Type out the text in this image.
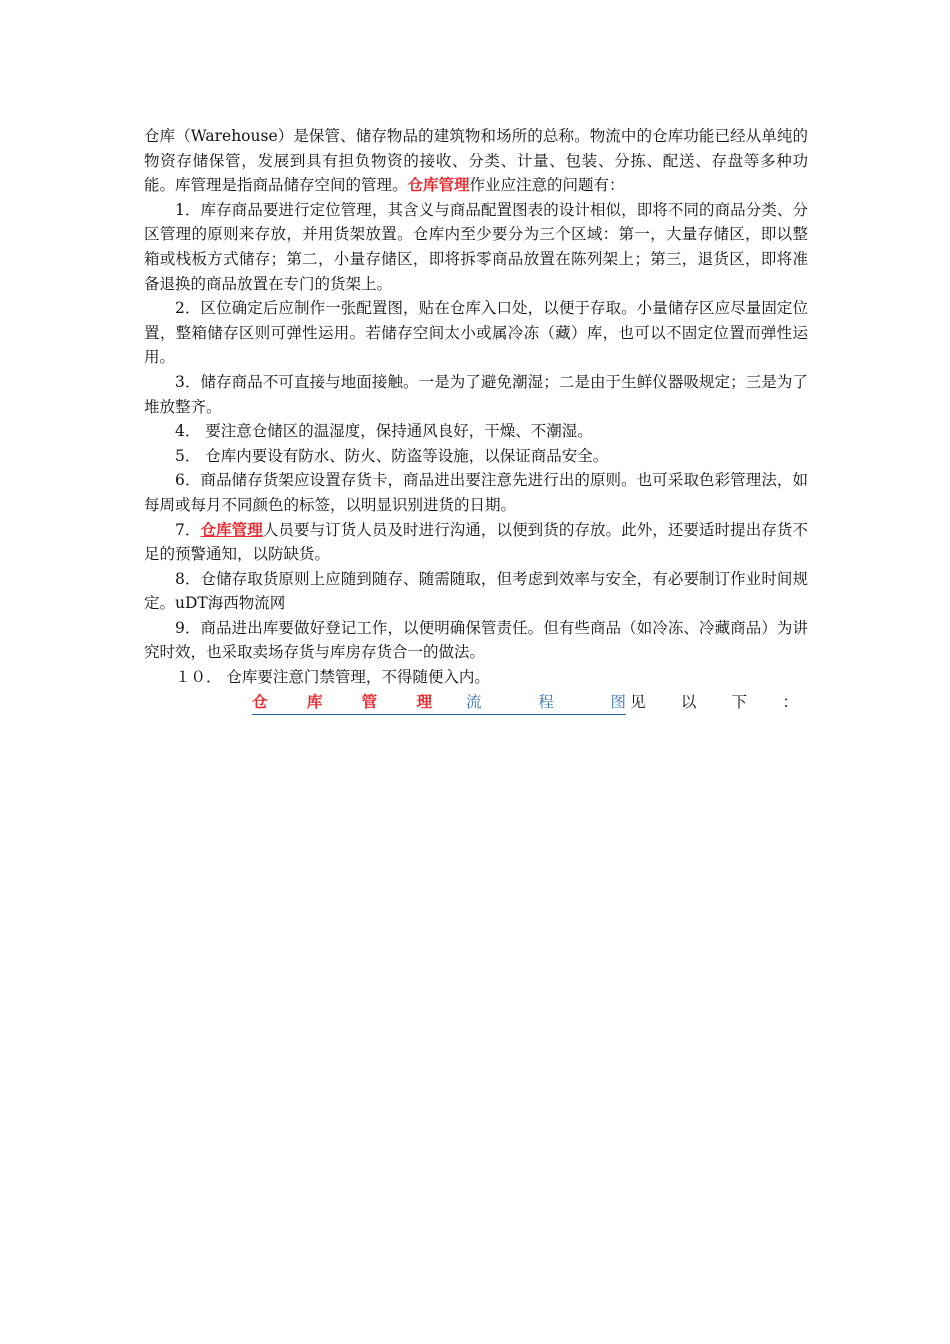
仓库（Warehouse）是保管、储存物品的建筑物和场所的总称。物流中的仓库功能已经从单纯的物资存储保管，发展到具有担负物资的接收、分类、计量、包装、分拣、配送、存盘等多种功能。库管理是指商品储存空间的管理。仓库管理作业应注意的问题有：

1．库存商品要进行定位管理，其含义与商品配置图表的设计相似，即将不同的商品分类、分区管理的原则来存放，并用货架放置。仓库内至少要分为三个区域：第一，大量存储区，即以整箱或栈板方式储存；第二，小量存储区，即将拆零商品放置在陈列架上；第三，退货区，即将准备退换的商品放置在专门的货架上。

2．区位确定后应制作一张配置图，贴在仓库入口处，以便于存取。小量储存区应尽量固定位置，整箱储存区则可弹性运用。若储存空间太小或属冷冻（藏）库，也可以不固定位置而弹性运用。

3．储存商品不可直接与地面接触。一是为了避免潮湿；二是由于生鲜仪器吸规定；三是为了堆放整齐。

4． 要注意仓储区的温湿度，保持通风良好，干燥、不潮湿。

5． 仓库内要设有防水、防火、防盗等设施，以保证商品安全。

6．商品储存货架应设置存货卡，商品进出要注意先进行出的原则。也可采取色彩管理法，如每周或每月不同颜色的标签，以明显识别进货的日期。

7．仓库管理人员要与订货人员及时进行沟通，以便到货的存放。此外，还要适时提出存货不足的预警通知，以防缺货。

8．仓储存取货原则上应随到随存、随需随取，但考虑到效率与安全，有必要制订作业时间规定。uDT海西物流网

9．商品进出库要做好登记工作，以便明确保管责任。但有些商品（如冷冻、冷藏商品）为讲究时效，也采取卖场存货与库房存货合一的做法。

１０． 仓库要注意门禁管理，不得随便入内。

仓	库	管	理 流	程	图 见 以 下 ：
